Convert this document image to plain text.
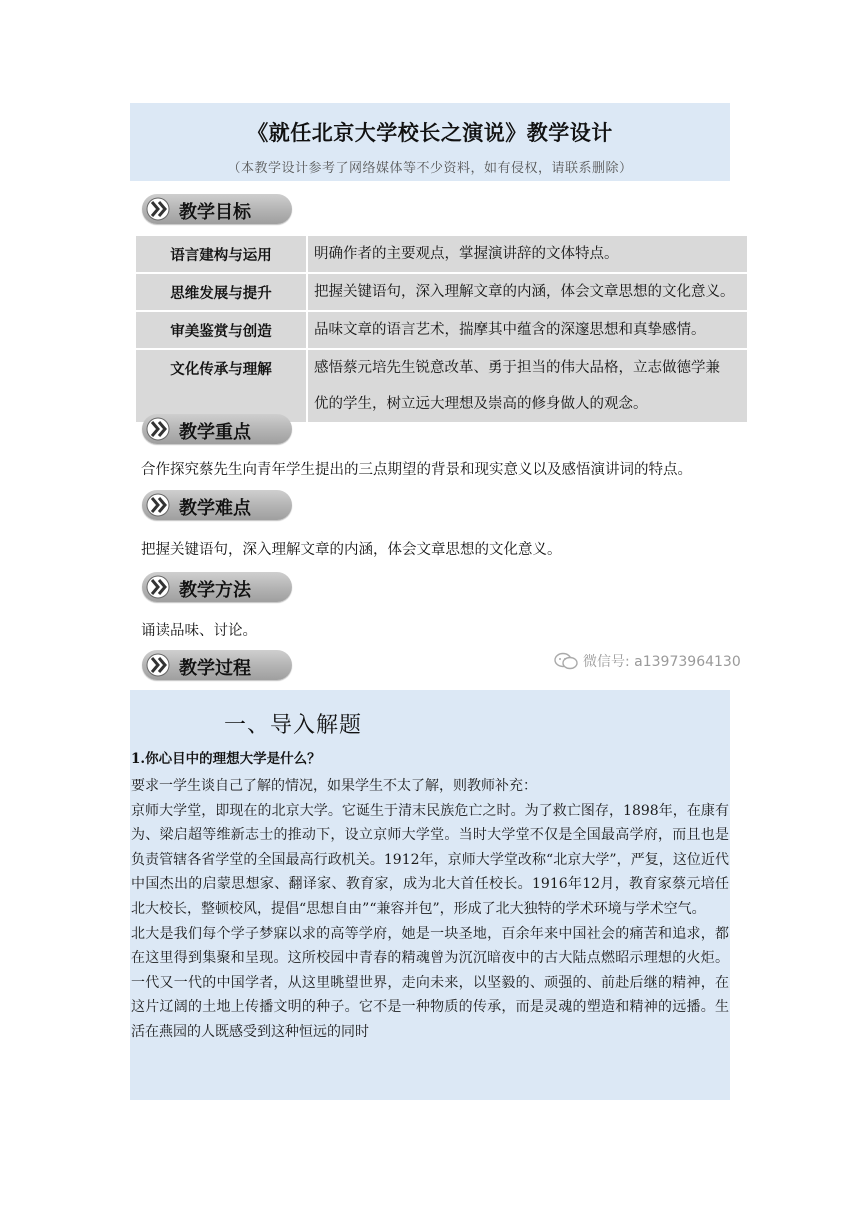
《就任北京大学校长之演说》教学设计
（本教学设计参考了网络媒体等不少资料，如有侵权，请联系删除）
教学目标
语言建构与运用	明确作者的主要观点，掌握演讲辞的文体特点。
思维发展与提升	把握关键语句，深入理解文章的内涵，体会文章思想的文化意义。
审美鉴赏与创造	品味文章的语言艺术，揣摩其中蕴含的深邃思想和真挚感情。
文化传承与理解	感悟蔡元培先生锐意改革、勇于担当的伟大品格，立志做德学兼
优的学生，树立远大理想及崇高的修身做人的观念。
教学重点
合作探究蔡先生向青年学生提出的三点期望的背景和现实意义以及感悟演讲词的特点。
教学难点
把握关键语句，深入理解文章的内涵，体会文章思想的文化意义。
教学方法
诵读品味、讨论。
教学过程	微信号: a13973964130
一、导入解题
1.你心目中的理想大学是什么？

要求一学生谈自己了解的情况，如果学生不太了解，则教师补充：

京师大学堂，即现在的北京大学。它诞生于清末民族危亡之时。为了救亡图存，1898年，在康有为、梁启超等维新志士的推动下，设立京师大学堂。当时大学堂不仅是全国最高学府，而且也是负责管辖各省学堂的全国最高行政机关。1912年，京师大学堂改称“北京大学”，严复，这位近代中国杰出的启蒙思想家、翻译家、教育家，成为北大首任校长。1916年12月，教育家蔡元培任北大校长，整顿校风，提倡“思想自由”“兼容并包”，形成了北大独特的学术环境与学术空气。

北大是我们每个学子梦寐以求的高等学府，她是一块圣地，百余年来中国社会的痛苦和追求，都在这里得到集聚和呈现。这所校园中青春的精魂曾为沉沉暗夜中的古大陆点燃昭示理想的火炬。一代又一代的中国学者，从这里眺望世界，走向未来，以坚毅的、顽强的、前赴后继的精神，在这片辽阔的土地上传播文明的种子。它不是一种物质的传承，而是灵魂的塑造和精神的远播。生活在燕园的人既感受到这种恒远的同时
